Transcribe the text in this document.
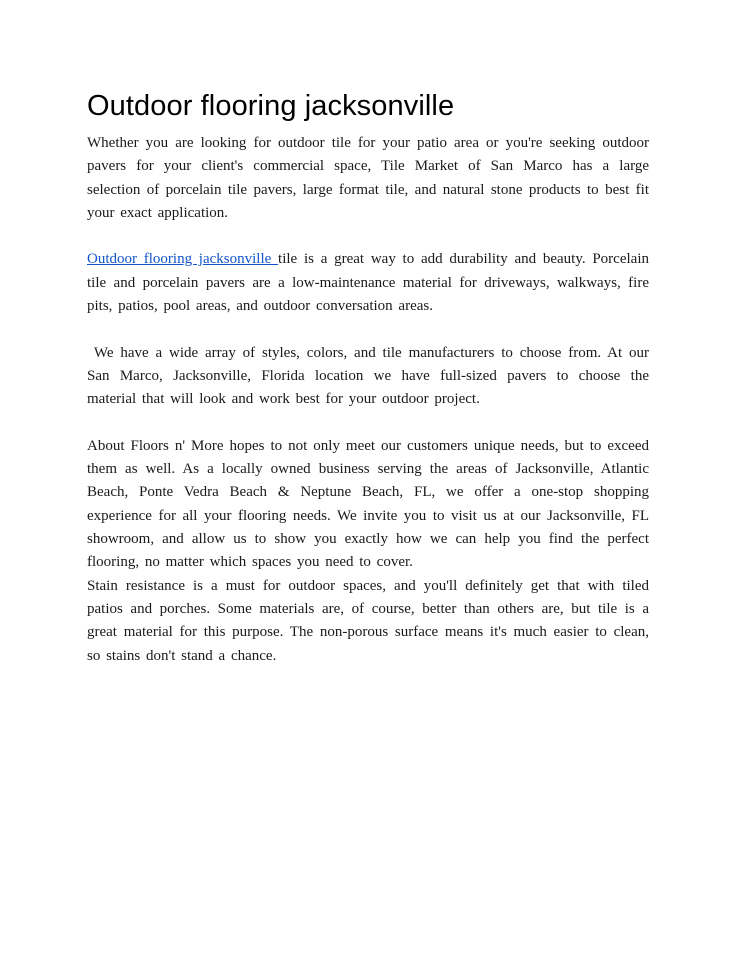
Outdoor flooring jacksonville

Whether you are looking for outdoor tile for your patio area or you're seeking outdoor pavers for your client's commercial space, Tile Market of San Marco has a large selection of porcelain tile pavers, large format tile, and natural stone products to best fit your exact application.

Outdoor flooring jacksonville tile is a great way to add durability and beauty. Porcelain tile and porcelain pavers are a low-maintenance material for driveways, walkways, fire pits, patios, pool areas, and outdoor conversation areas.

We have a wide array of styles, colors, and tile manufacturers to choose from. At our San Marco, Jacksonville, Florida location we have full-sized pavers to choose the material that will look and work best for your outdoor project.

About Floors n' More hopes to not only meet our customers unique needs, but to exceed them as well. As a locally owned business serving the areas of Jacksonville, Atlantic Beach, Ponte Vedra Beach & Neptune Beach, FL, we offer a one-stop shopping experience for all your flooring needs. We invite you to visit us at our Jacksonville, FL showroom, and allow us to show you exactly how we can help you find the perfect flooring, no matter which spaces you need to cover.

Stain resistance is a must for outdoor spaces, and you'll definitely get that with tiled patios and porches. Some materials are, of course, better than others are, but tile is a great material for this purpose. The non-porous surface means it's much easier to clean, so stains don't stand a chance.
